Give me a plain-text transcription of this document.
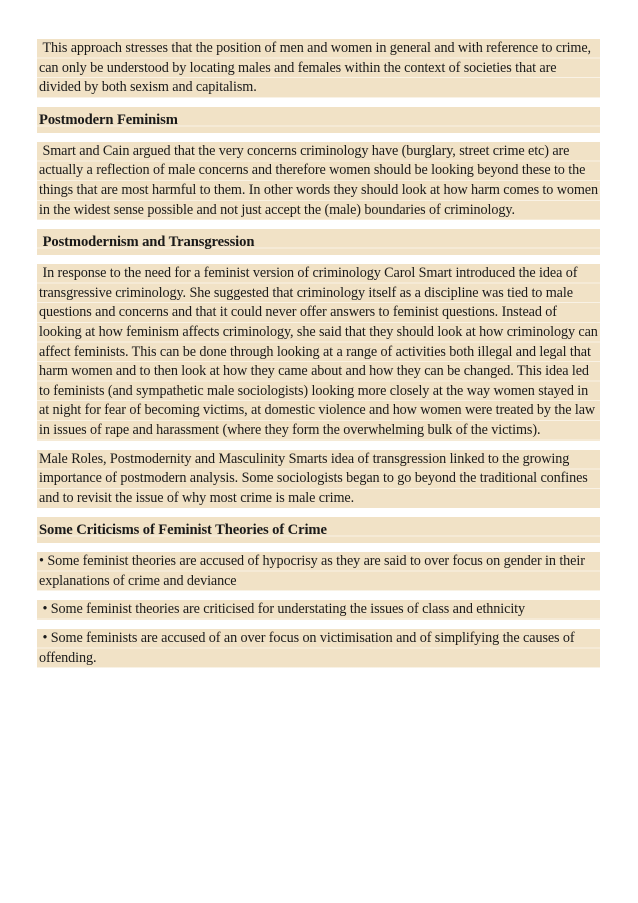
This approach stresses that the position of men and women in general and with reference to crime, can only be understood by locating males and females within the context of societies that are divided by both sexism and capitalism.

Postmodern Feminism

Smart and Cain argued that the very concerns criminology have (burglary, street crime etc) are actually a reflection of male concerns and therefore women should be looking beyond these to the things that are most harmful to them. In other words they should look at how harm comes to women in the widest sense possible and not just accept the (male) boundaries of criminology.

Postmodernism and Transgression

In response to the need for a feminist version of criminology Carol Smart introduced the idea of transgressive criminology. She suggested that criminology itself as a discipline was tied to male questions and concerns and that it could never offer answers to feminist questions. Instead of looking at how feminism affects criminology, she said that they should look at how criminology can affect feminists. This can be done through looking at a range of activities both illegal and legal that harm women and to then look at how they came about and how they can be changed. This idea led to feminists (and sympathetic male sociologists) looking more closely at the way women stayed in at night for fear of becoming victims, at domestic violence and how women were treated by the law in issues of rape and harassment (where they form the overwhelming bulk of the victims).

Male Roles, Postmodernity and Masculinity Smarts idea of transgression linked to the growing importance of postmodern analysis. Some sociologists began to go beyond the traditional confines and to revisit the issue of why most crime is male crime.

Some Criticisms of Feminist Theories of Crime

• Some feminist theories are accused of hypocrisy as they are said to over focus on gender in their explanations of crime and deviance

• Some feminist theories are criticised for understating the issues of class and ethnicity

• Some feminists are accused of an over focus on victimisation and of simplifying the causes of offending.
